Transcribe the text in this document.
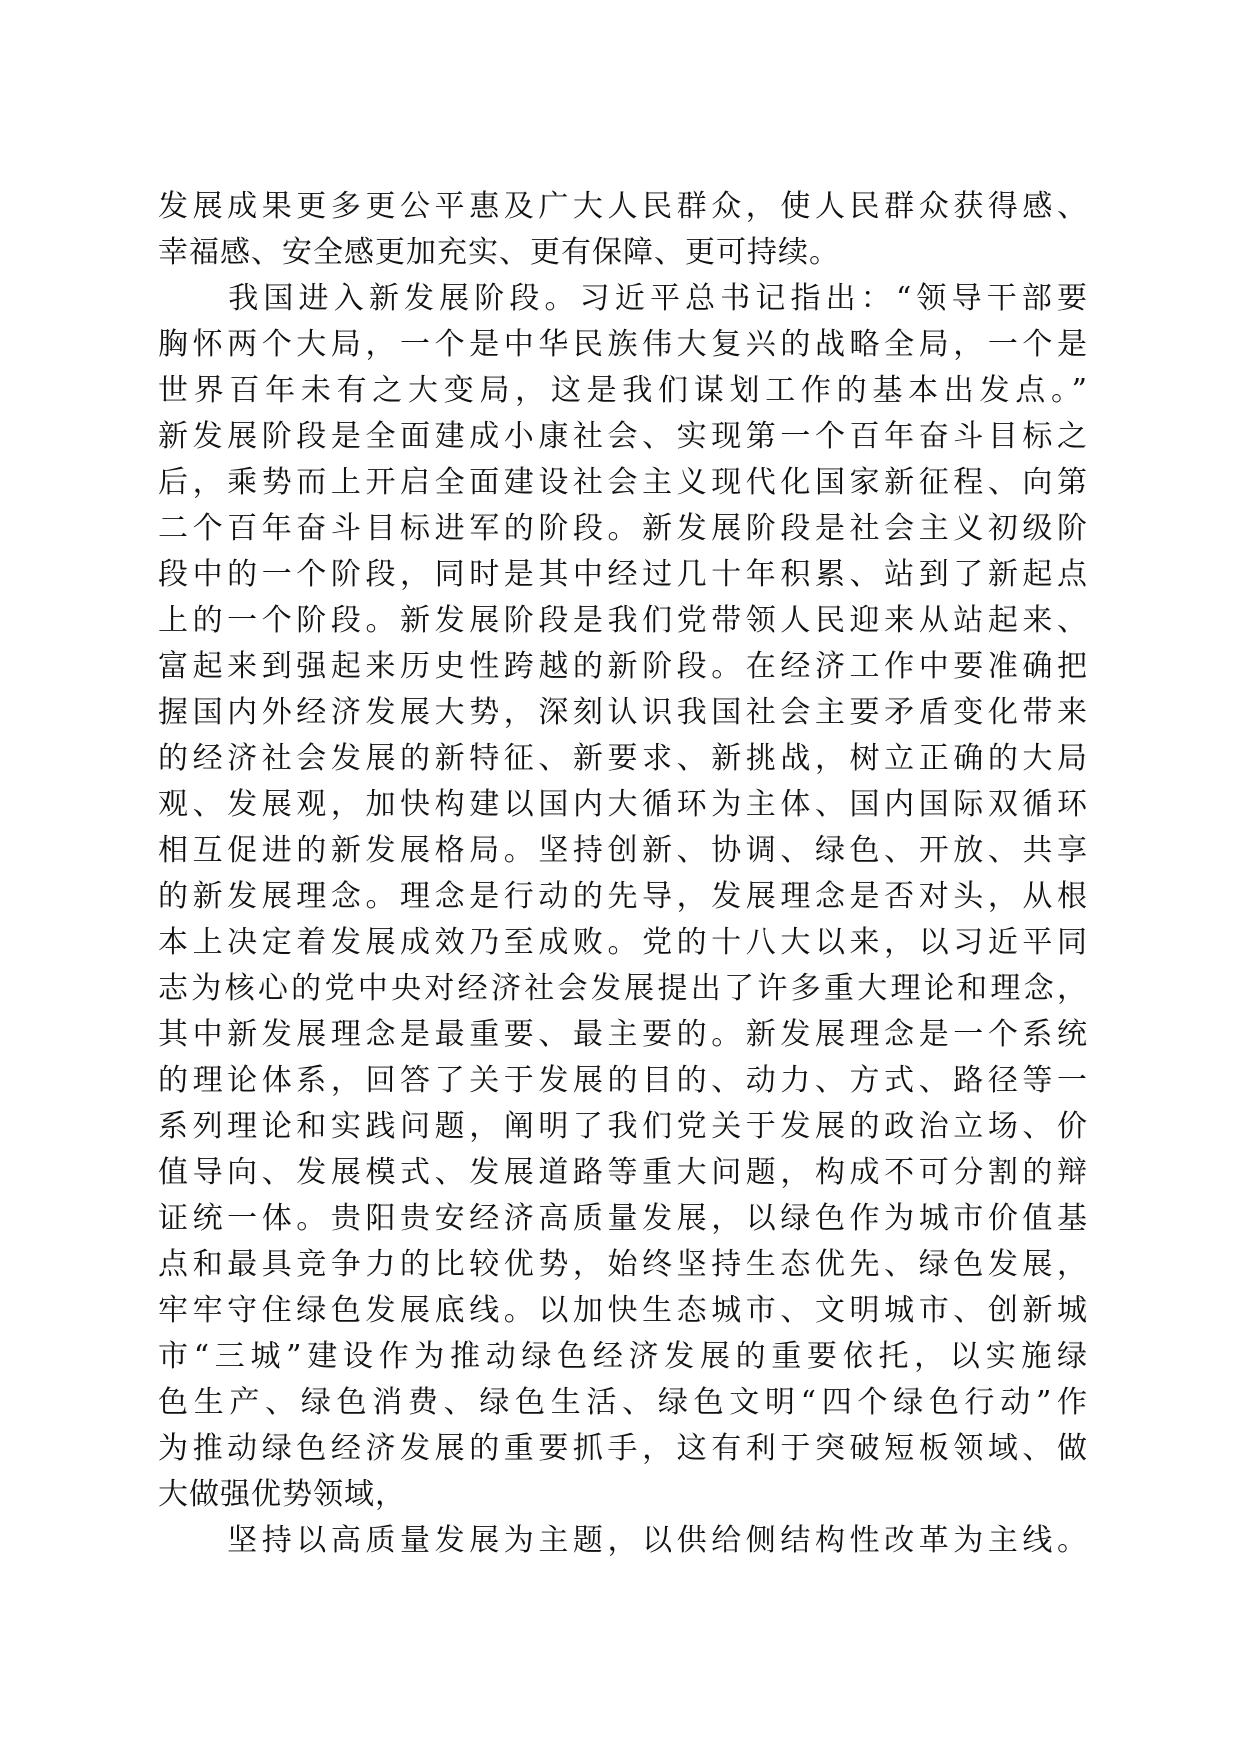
发展成果更多更公平惠及广大人民群众，使人民群众获得感、
幸福感、安全感更加充实、更有保障、更可持续。
　　我国进入新发展阶段。习近平总书记指出：“领导干部要
胸怀两个大局，一个是中华民族伟大复兴的战略全局，一个是
世界百年未有之大变局，这是我们谋划工作的基本出发点。”
新发展阶段是全面建成小康社会、实现第一个百年奋斗目标之
后，乘势而上开启全面建设社会主义现代化国家新征程、向第
二个百年奋斗目标进军的阶段。新发展阶段是社会主义初级阶
段中的一个阶段，同时是其中经过几十年积累、站到了新起点
上的一个阶段。新发展阶段是我们党带领人民迎来从站起来、
富起来到强起来历史性跨越的新阶段。在经济工作中要准确把
握国内外经济发展大势，深刻认识我国社会主要矛盾变化带来
的经济社会发展的新特征、新要求、新挑战，树立正确的大局
观、发展观，加快构建以国内大循环为主体、国内国际双循环
相互促进的新发展格局。坚持创新、协调、绿色、开放、共享
的新发展理念。理念是行动的先导，发展理念是否对头，从根
本上决定着发展成效乃至成败。党的十八大以来，以习近平同
志为核心的党中央对经济社会发展提出了许多重大理论和理念，
其中新发展理念是最重要、最主要的。新发展理念是一个系统
的理论体系，回答了关于发展的目的、动力、方式、路径等一
系列理论和实践问题，阐明了我们党关于发展的政治立场、价
值导向、发展模式、发展道路等重大问题，构成不可分割的辩
证统一体。贵阳贵安经济高质量发展，以绿色作为城市价值基
点和最具竞争力的比较优势，始终坚持生态优先、绿色发展，
牢牢守住绿色发展底线。以加快生态城市、文明城市、创新城
市“三城”建设作为推动绿色经济发展的重要依托，以实施绿
色生产、绿色消费、绿色生活、绿色文明“四个绿色行动”作
为推动绿色经济发展的重要抓手，这有利于突破短板领域、做
大做强优势领域，
　　坚持以高质量发展为主题，以供给侧结构性改革为主线。
